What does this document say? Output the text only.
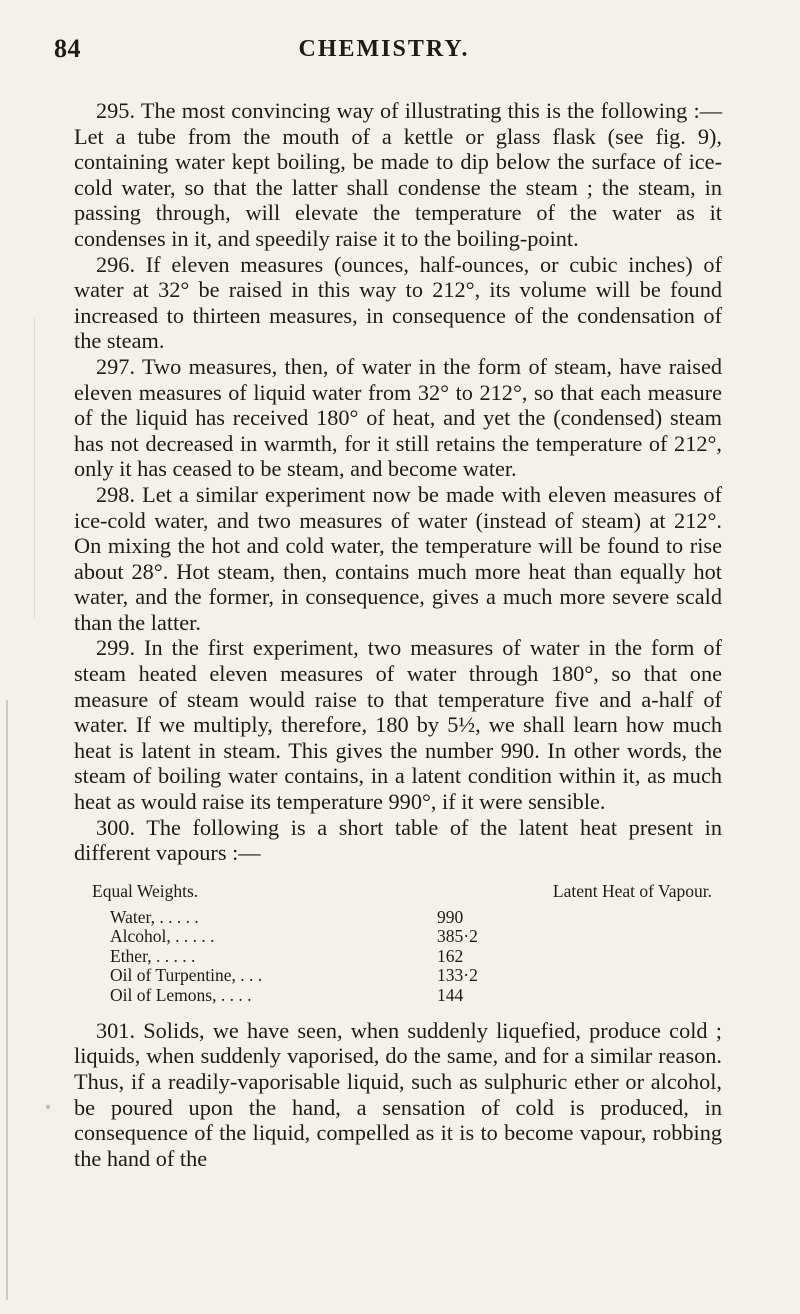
84	CHEMISTRY.

295. The most convincing way of illustrating this is the following :—Let a tube from the mouth of a kettle or glass flask (see fig. 9), containing water kept boiling, be made to dip below the surface of ice-cold water, so that the latter shall condense the steam ; the steam, in passing through, will elevate the temperature of the water as it condenses in it, and speedily raise it to the boiling-point.

296. If eleven measures (ounces, half-ounces, or cubic inches) of water at 32° be raised in this way to 212°, its volume will be found increased to thirteen measures, in consequence of the condensation of the steam.

297. Two measures, then, of water in the form of steam, have raised eleven measures of liquid water from 32° to 212°, so that each measure of the liquid has received 180° of heat, and yet the (condensed) steam has not decreased in warmth, for it still retains the temperature of 212°, only it has ceased to be steam, and become water.

298. Let a similar experiment now be made with eleven measures of ice-cold water, and two measures of water (instead of steam) at 212°. On mixing the hot and cold water, the temperature will be found to rise about 28°. Hot steam, then, contains much more heat than equally hot water, and the former, in consequence, gives a much more severe scald than the latter.

299. In the first experiment, two measures of water in the form of steam heated eleven measures of water through 180°, so that one measure of steam would raise to that temperature five and a-half of water. If we multiply, therefore, 180 by 5½, we shall learn how much heat is latent in steam. This gives the number 990. In other words, the steam of boiling water contains, in a latent condition within it, as much heat as would raise its temperature 990°, if it were sensible.

300. The following is a short table of the latent heat present in different vapours :—

Equal Weights.	Latent Heat of Vapour.
Water, . . . . .	990
Alcohol, . . . . .	385·2
Ether, . . . . .	162
Oil of Turpentine, . . .	133·2
Oil of Lemons, . . . .	144

301. Solids, we have seen, when suddenly liquefied, produce cold ; liquids, when suddenly vaporised, do the same, and for a similar reason. Thus, if a readily-vaporisable liquid, such as sulphuric ether or alcohol, be poured upon the hand, a sensation of cold is produced, in consequence of the liquid, compelled as it is to become vapour, robbing the hand of the
